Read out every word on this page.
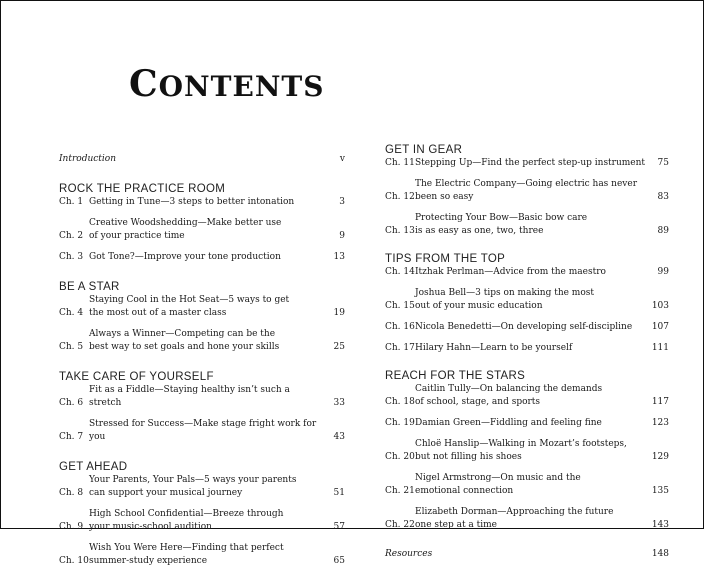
CONTENTS
Introduction	v
ROCK THE PRACTICE ROOM
Ch. 1 Getting in Tune—3 steps to better intonation	3
Ch. 2
Creative Woodshedding—Make better use
of your practice time	9
Ch. 3 Got Tone?—Improve your tone production	13
BE A STAR
Ch. 4
Staying Cool in the Hot Seat—5 ways to get
the most out of a master class	19
Ch. 5
Always a Winner—Competing can be the
best way to set goals and hone your skills	25
TAKE CARE OF YOURSELF
Ch. 6
Fit as a Fiddle—Staying healthy isn’t such a stretch	33
Ch. 7
Stressed for Success—Make stage fright work for you	43
GET AHEAD
Ch. 8
Your Parents, Your Pals—5 ways your parents
can support your musical journey	51
Ch. 9
High School Confidential—Breeze through
your music-school audition	57
Ch. 10
Wish You Were Here—Finding that perfect
summer-study experience	65
GET IN GEAR
Ch. 11 Stepping Up—Find the perfect step-up instrument	75
Ch. 12
The Electric Company—Going electric has never
been so easy	83
Ch. 13
Protecting Your Bow—Basic bow care
is as easy as one, two, three	89
TIPS FROM THE TOP
Ch. 14 Itzhak Perlman—Advice from the maestro	99
Ch. 15
Joshua Bell—3 tips on making the most
out of your music education	103
Ch. 16 Nicola Benedetti—On developing self-discipline	107
Ch. 17 Hilary Hahn—Learn to be yourself	111
REACH FOR THE STARS
Ch. 18
Caitlin Tully—On balancing the demands
of school, stage, and sports	117
Ch. 19 Damian Green—Fiddling and feeling fine	123
Ch. 20
Chloë Hanslip—Walking in Mozart’s footsteps,
but not filling his shoes	129
Ch. 21
Nigel Armstrong—On music and the
emotional connection	135
Ch. 22
Elizabeth Dorman—Approaching the future
one step at a time	143
Resources	148
